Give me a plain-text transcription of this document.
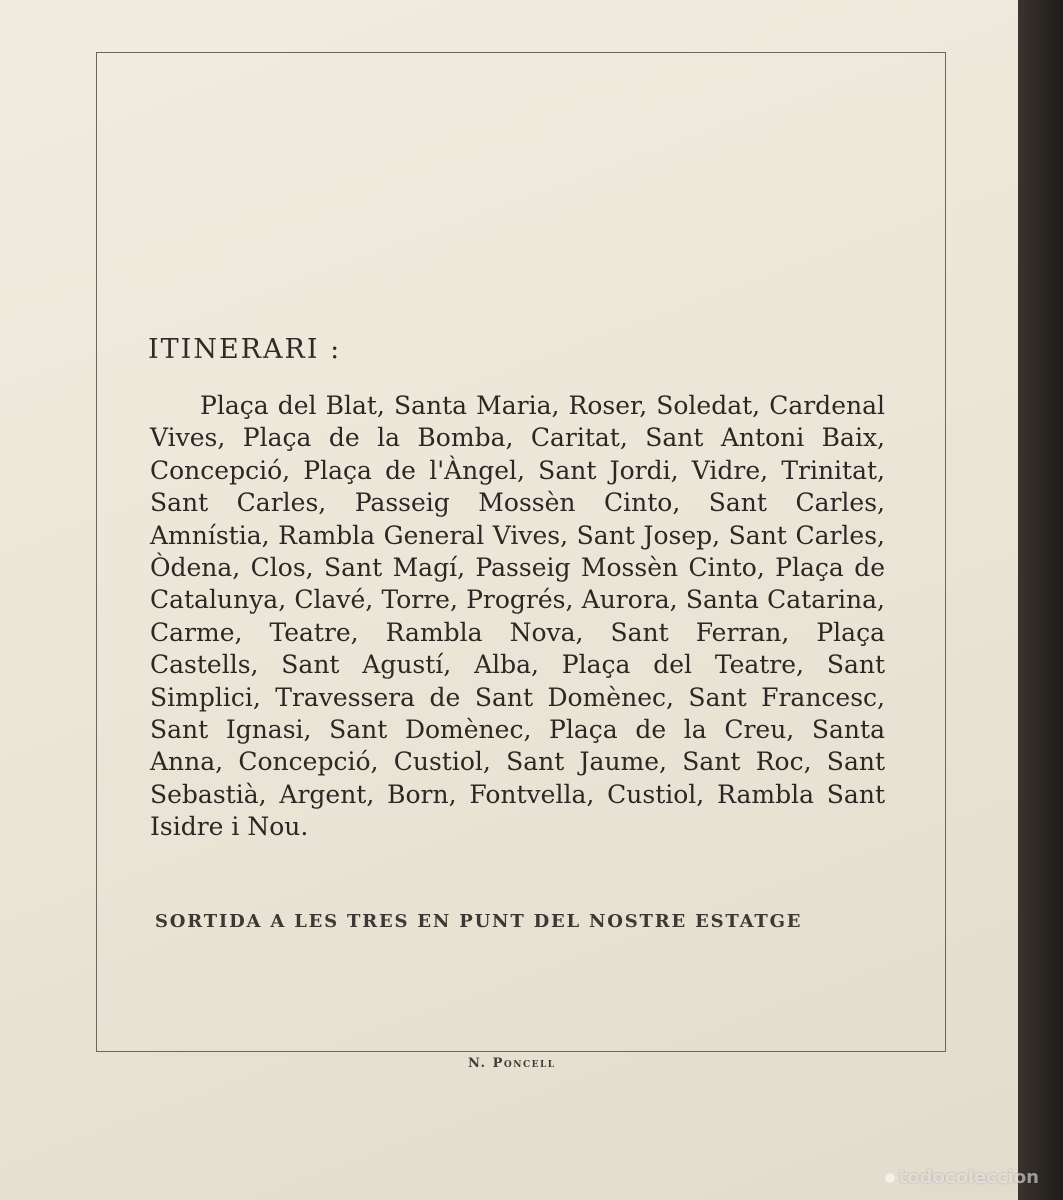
ITINERARI :

Plaça del Blat, Santa Maria, Roser, Soledat, Cardenal Vives, Plaça de la Bomba, Caritat, Sant Antoni Baix, Concepció, Plaça de l'Àngel, Sant Jordi, Vidre, Trinitat, Sant Carles, Passeig Mossèn Cinto, Sant Carles, Amnístia, Rambla General Vives, Sant Josep, Sant Carles, Òdena, Clos, Sant Magí, Passeig Mossèn Cinto, Plaça de Catalunya, Clavé, Torre, Progrés, Aurora, Santa Catarina, Carme, Teatre, Rambla Nova, Sant Ferran, Plaça Castells, Sant Agustí, Alba, Plaça del Teatre, Sant Simplici, Travessera de Sant Domènec, Sant Francesc, Sant Ignasi, Sant Domènec, Plaça de la Creu, Santa Anna, Concepció, Custiol, Sant Jaume, Sant Roc, Sant Sebastià, Argent, Born, Fontvella, Custiol, Rambla Sant Isidre i Nou.

SORTIDA A LES TRES EN PUNT DEL NOSTRE ESTATGE

N. Poncell
todocoleccion
